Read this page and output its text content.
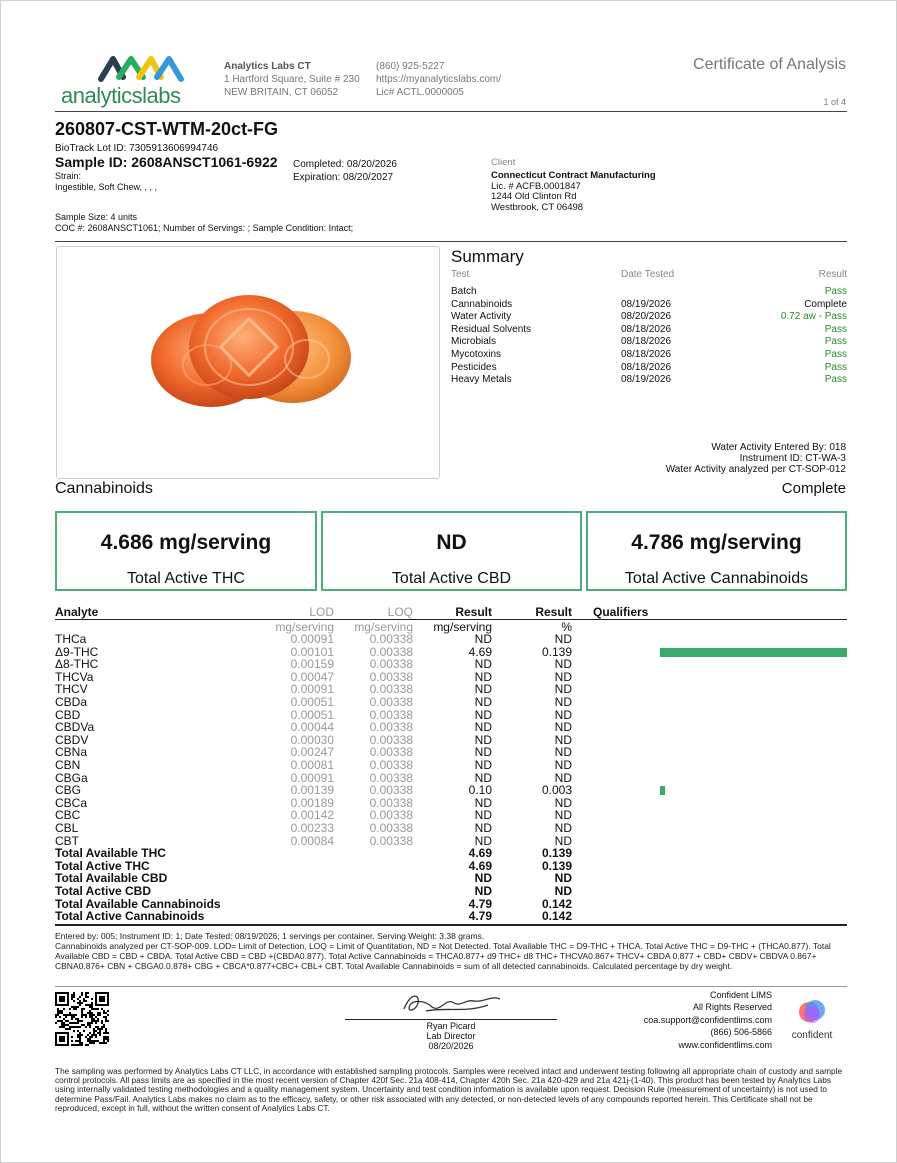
analyticslabs
Analytics Labs CT
1 Hartford Square, Suite # 230
NEW BRITAIN, CT 06052
(860) 925-5227
https://myanalyticslabs.com/
Lic# ACTL.0000005
Certificate of Analysis
1 of 4
260807-CST-WTM-20ct-FG
BioTrack Lot ID: 7305913606994746
Sample ID: 2608ANSCT1061-6922
Strain:
Ingestible, Soft Chew, , , ,
Completed: 08/20/2026
Expiration: 08/20/2027
Client
Connecticut Contract Manufacturing
Lic. # ACFB.0001847
1244 Old Clinton Rd
Westbrook, CT 06498
Sample Size: 4 units
COC #: 2608ANSCT1061; Number of Servings: ; Sample Condition: Intact;
Summary
Test	Date Tested	Result
Batch	Pass
Cannabinoids	08/19/2026	Complete
Water Activity	08/20/2026	0.72 aw - Pass
Residual Solvents	08/18/2026	Pass
Microbials	08/18/2026	Pass
Mycotoxins	08/18/2026	Pass
Pesticides	08/18/2026	Pass
Heavy Metals	08/19/2026	Pass
Water Activity Entered By: 018
Instrument ID: CT-WA-3
Water Activity analyzed per CT-SOP-012
Cannabinoids	Complete
4.686 mg/serving
Total Active THC
ND
Total Active CBD
4.786 mg/serving
Total Active Cannabinoids
Analyte	LOD	LOQ	Result	Result Qualifiers
mg/serving mg/serving mg/serving	%
THCa	0.00091	0.00338	ND	ND
Δ9-THC	0.00101	0.00338	4.69	0.139
Δ8-THC	0.00159	0.00338	ND	ND
THCVa	0.00047	0.00338	ND	ND
THCV	0.00091	0.00338	ND	ND
CBDa	0.00051	0.00338	ND	ND
CBD	0.00051	0.00338	ND	ND
CBDVa	0.00044	0.00338	ND	ND
CBDV	0.00030	0.00338	ND	ND
CBNa	0.00247	0.00338	ND	ND
CBN	0.00081	0.00338	ND	ND
CBGa	0.00091	0.00338	ND	ND
CBG	0.00139	0.00338	0.10	0.003
CBCa	0.00189	0.00338	ND	ND
CBC	0.00142	0.00338	ND	ND
CBL	0.00233	0.00338	ND	ND
CBT	0.00084	0.00338	ND	ND
Total Available THC	4.69	0.139
Total Active THC	4.69	0.139
Total Available CBD	ND	ND
Total Active CBD	ND	ND
Total Available Cannabinoids	4.79	0.142
Total Active Cannabinoids	4.79	0.142
Entered by: 005; Instrument ID: 1; Date Tested: 08/19/2026; 1 servings per container. Serving Weight: 3.38 grams.
Cannabinoids analyzed per CT-SOP-009. LOD= Limit of Detection, LOQ = Limit of Quantitation, ND = Not Detected. Total Available THC = D9-THC + THCA. Total Active THC = D9-THC + (THCA0.877). Total Available CBD = CBD + CBDA. Total Active CBD = CBD +(CBDA0.877). Total Active Cannabinoids = THCA0.877+ d9 THC+ d8 THC+ THCVA0.867+ THCV+ CBDA 0.877 + CBD+ CBDV+ CBDVA 0.867+ CBNA0.876+ CBN + CBGA0.0.878+ CBG + CBCA*0.877+CBC+ CBL+ CBT. Total Available Cannabinoids = sum of all detected cannabinoids. Calculated percentage by dry weight.
Ryan Picard
Lab Director
08/20/2026
Confident LIMS
All Rights Reserved
coa.support@confidentlims.com
(866) 506-5866
www.confidentlims.com
confident
The sampling was performed by Analytics Labs CT LLC, in accordance with established sampling protocols. Samples were received intact and underwent testing following all appropriate chain of custody and sample control protocols. All pass limits are as specified in the most recent version of Chapter 420f Sec. 21a 408-414, Chapter 420h Sec. 21a 420-429 and 21a 421j-(1-40). This product has been tested by Analytics Labs using internally validated testing methodologies and a quality management system. Uncertainty and test condition information is available upon request. Decision Rule (measurement of uncertainty) is not used to determine Pass/Fail. Analytics Labs makes no claim as to the efficacy, safety, or other risk associated with any detected, or non-detected levels of any compounds reported herein. This Certificate shall not be reproduced, except in full, without the written consent of Analytics Labs CT.
